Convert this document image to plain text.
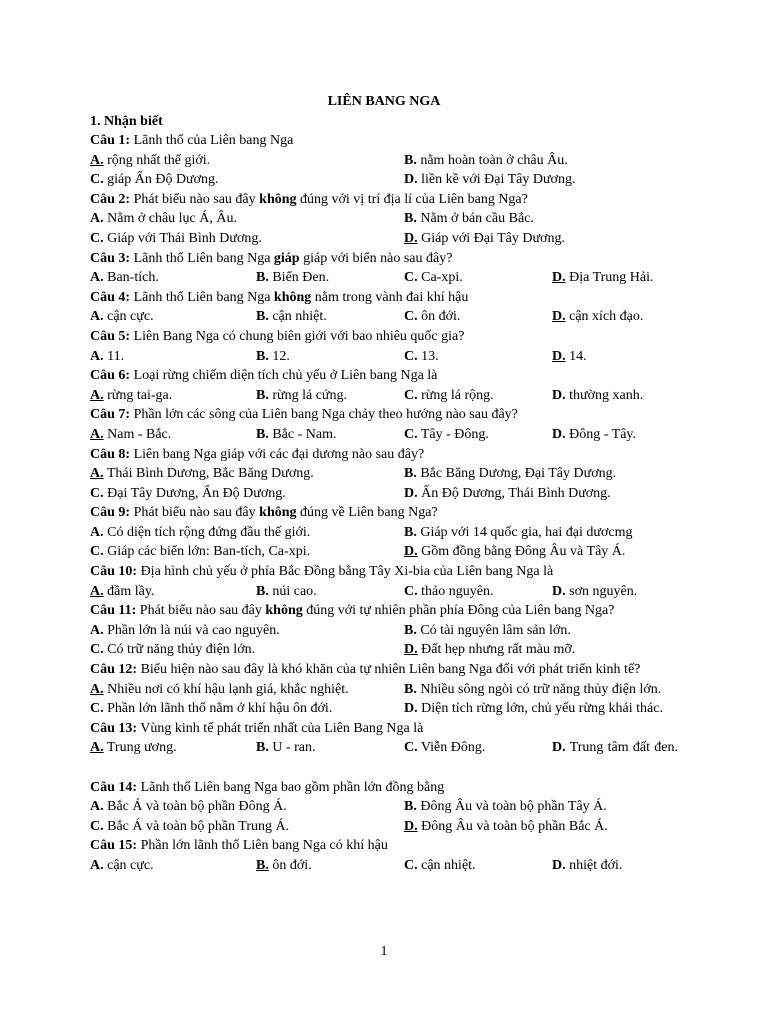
LIÊN BANG NGA
1. Nhận biết
Câu 1: Lãnh thổ của Liên bang Nga
A. rộng nhất thế giới.	B. nằm hoàn toàn ở châu Âu.
C. giáp Ấn Độ Dương.	D. liền kề với Đại Tây Dương.
Câu 2: Phát biểu nào sau đây không đúng với vị trí địa lí của Liên bang Nga?
A. Nằm ở châu lục Á, Âu.	B. Nằm ở bán cầu Bắc.
C. Giáp với Thái Bình Dương.	D. Giáp với Đại Tây Dương.
Câu 3: Lãnh thổ Liên bang Nga giáp giáp với biển nào sau đây?
A. Ban-tích.	B. Biển Đen.	C. Ca-xpi.	D. Địa Trung Hải.
Câu 4: Lãnh thổ Liên bang Nga không nằm trong vành đai khí hậu
A. cận cực.	B. cận nhiệt.	C. ôn đới.	D. cận xích đạo.
Câu 5: Liên Bang Nga có chung biên giới với bao nhiêu quốc gia?
A. 11.	B. 12.	C. 13.	D. 14.
Câu 6: Loại rừng chiếm diện tích chủ yếu ở Liên bang Nga là
A. rừng tai-ga.	B. rừng lá cứng.	C. rừng lá rộng.	D. thường xanh.
Câu 7: Phần lớn các sông của Liên bang Nga chảy theo hướng nào sau đây?
A. Nam - Bắc.	B. Bắc - Nam.	C. Tây - Đông.	D. Đông - Tây.
Câu 8: Liên bang Nga giáp với các đại dương nào sau đây?
A. Thái Bình Dương, Bắc Băng Dương.	B. Bắc Băng Dương, Đại Tây Dương.
C. Đại Tây Dương, Ấn Độ Dương.	D. Ấn Độ Dương, Thái Bình Dương.
Câu 9: Phát biểu nào sau đây không đúng về Liên bang Nga?
A. Có diện tích rộng đứng đầu thế giới.	B. Giáp với 14 quốc gia, hai đại dươcmg
C. Giáp các biển lớn: Ban-tích, Ca-xpi.	D. Gồm đồng bằng Đông Âu và Tây Á.
Câu 10: Địa hình chủ yếu ở phía Bắc Đồng bằng Tây Xi-bia của Liên bang Nga là
A. đầm lầy.	B. núi cao.	C. thảo nguyên.	D. sơn nguyên.
Câu 11: Phát biểu nào sau đây không đúng với tự nhiên phần phía Đông của Liên bang Nga?
A. Phần lớn là núi và cao nguyên.	B. Có tài nguyên lâm sản lớn.
C. Có trữ năng thủy điện lớn.	D. Đất hẹp nhưng rất màu mỡ.
Câu 12: Biểu hiện nào sau đây là khó khăn của tự nhiên Liên bang Nga đối với phát triển kinh tế?
A. Nhiều nơi có khí hậu lạnh giá, khắc nghiệt.	B. Nhiều sông ngòi có trữ năng thủy điện lớn.
C. Phần lớn lãnh thổ nằm ở khí hậu ôn đới.	D. Diện tích rừng lớn, chủ yếu rừng khái thác.
Câu 13: Vùng kinh tế phát triển nhất của Liên Bang Nga là
A. Trung ương.	B. U - ran.	C. Viễn Đông.	D. Trung tâm đất đen.
Câu 14: Lãnh thổ Liên bang Nga bao gồm phần lớn đồng bằng
A. Bắc Á và toàn bộ phần Đông Á.	B. Đông Âu và toàn bộ phần Tây Á.
C. Bắc Á và toàn bộ phần Trung Á.	D. Đông Âu và toàn bộ phần Bắc Á.
Câu 15: Phần lớn lãnh thổ Liên bang Nga có khí hậu
A. cận cực.	B. ôn đới.	C. cận nhiệt.	D. nhiệt đới.
1
